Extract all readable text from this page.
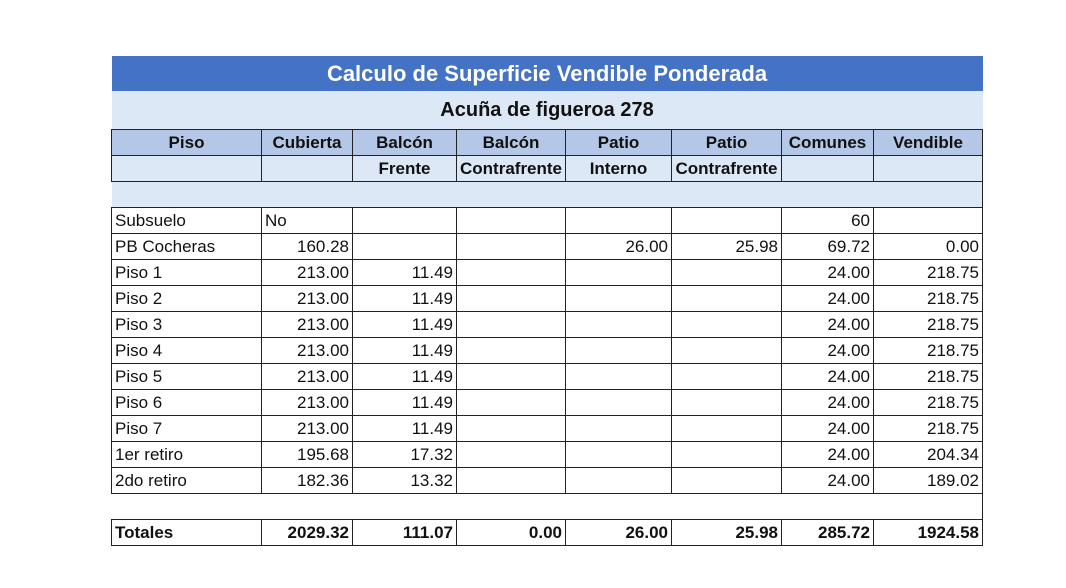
Calculo de Superficie Vendible Ponderada							
Acuña de figueroa 278							
Piso	Cubierta	Balcón	Balcón	Patio	Patio	Comunes	Vendible
		Frente	Contrafrente	Interno	Contrafrente		

Subsuelo	No					60	
PB Cocheras	160.28			26.00	25.98	69.72	0.00
Piso 1	213.00	11.49				24.00	218.75
Piso 2	213.00	11.49				24.00	218.75
Piso 3	213.00	11.49				24.00	218.75
Piso 4	213.00	11.49				24.00	218.75
Piso 5	213.00	11.49				24.00	218.75
Piso 6	213.00	11.49				24.00	218.75
Piso 7	213.00	11.49				24.00	218.75
1er retiro	195.68	17.32				24.00	204.34
2do retiro	182.36	13.32				24.00	189.02

Totales	2029.32	111.07	0.00	26.00	25.98	285.72	1924.58
